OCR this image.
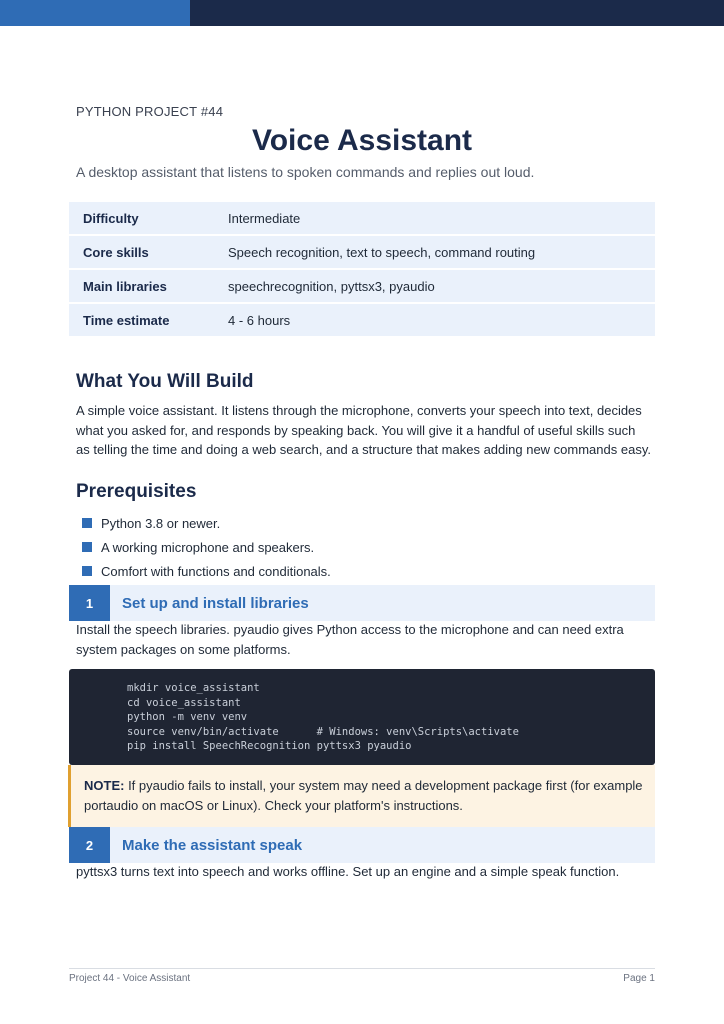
PYTHON PROJECT #44
Voice Assistant
A desktop assistant that listens to spoken commands and replies out loud.
Difficulty	Intermediate
Core skills	Speech recognition, text to speech, command routing
Main libraries	speechrecognition, pyttsx3, pyaudio
Time estimate	4 - 6 hours
What You Will Build

A simple voice assistant. It listens through the microphone, converts your speech into text, decides what you asked for, and responds by speaking back. You will give it a handful of useful skills such as telling the time and doing a web search, and a structure that makes adding new commands easy.

Prerequisites
Python 3.8 or newer.
A working microphone and speakers.
Comfort with functions and conditionals.
1	Set up and install libraries

Install the speech libraries. pyaudio gives Python access to the microphone and can need extra system packages on some platforms.

mkdir voice_assistant
cd voice_assistant
python -m venv venv
source venv/bin/activate      # Windows: venv\Scripts\activate
pip install SpeechRecognition pyttsx3 pyaudio

NOTE: If pyaudio fails to install, your system may need a development package first (for example portaudio on macOS or Linux). Check your platform's instructions.

2	Make the assistant speak

pyttsx3 turns text into speech and works offline. Set up an engine and a simple speak function.

Project 44 - Voice Assistant	Page 1
